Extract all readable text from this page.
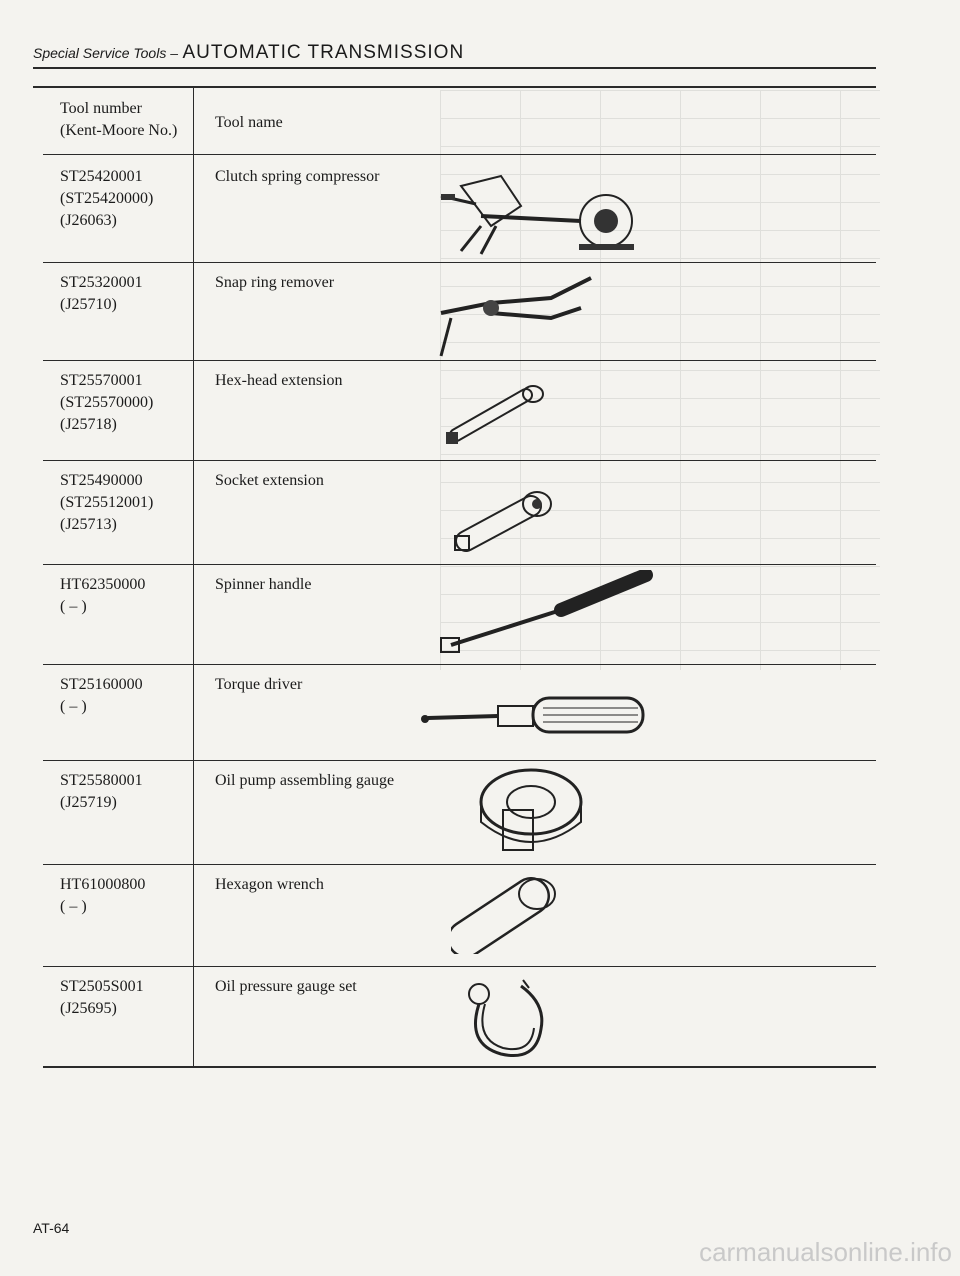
Special Service Tools – AUTOMATIC TRANSMISSION
Tool number
(Kent-Moore No.) Tool name
ST25420001
(ST25420000)
(J26063)
Clutch spring compressor
ST25320001
(J25710)
Snap ring remover
ST25570001
(ST25570000)
(J25718)
Hex-head extension
ST25490000
(ST25512001)
(J25713)
Socket extension
HT62350000
( – )
Spinner handle
ST25160000
( – )
Torque driver
ST25580001
(J25719)
Oil pump assembling gauge
HT61000800
( – )
Hexagon wrench
ST2505S001
(J25695)
Oil pressure gauge set
AT-64
carmanualsonline.info
